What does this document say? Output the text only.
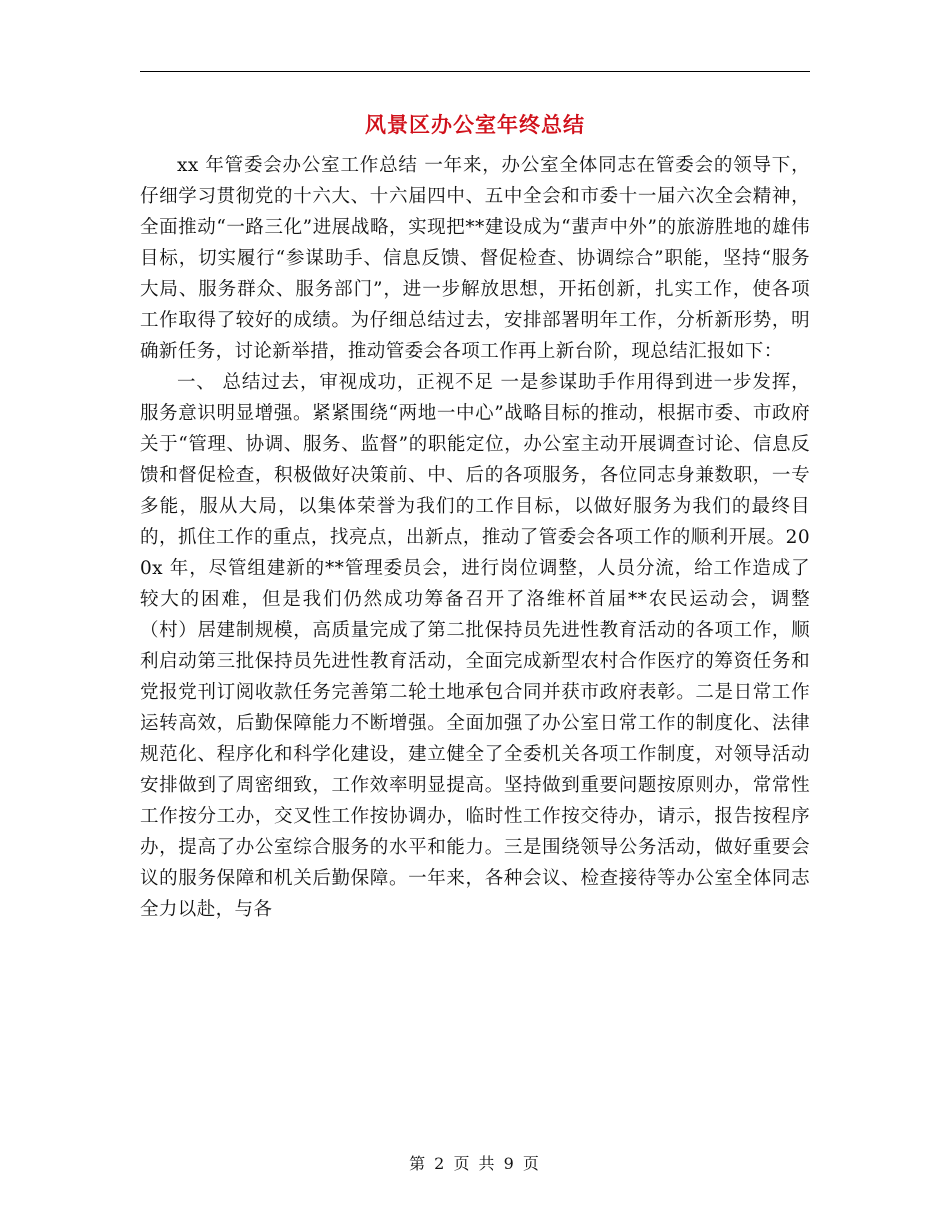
风景区办公室年终总结

xx 年管委会办公室工作总结 一年来，办公室全体同志在管委会的领导下，仔细学习贯彻党的十六大、十六届四中、五中全会和市委十一届六次全会精神，全面推动“一路三化”进展战略，实现把**建设成为“蜚声中外”的旅游胜地的雄伟目标，切实履行“参谋助手、信息反馈、督促检查、协调综合”职能，坚持“服务大局、服务群众、服务部门”，进一步解放思想，开拓创新，扎实工作，使各项工作取得了较好的成绩。为仔细总结过去，安排部署明年工作，分析新形势，明确新任务，讨论新举措，推动管委会各项工作再上新台阶，现总结汇报如下：

一、 总结过去，审视成功，正视不足 一是参谋助手作用得到进一步发挥，服务意识明显增强。紧紧围绕“两地一中心”战略目标的推动，根据市委、市政府关于“管理、协调、服务、监督”的职能定位，办公室主动开展调查讨论、信息反馈和督促检查，积极做好决策前、中、后的各项服务，各位同志身兼数职，一专多能，服从大局，以集体荣誉为我们的工作目标，以做好服务为我们的最终目的，抓住工作的重点，找亮点，出新点，推动了管委会各项工作的顺利开展。200x 年，尽管组建新的**管理委员会，进行岗位调整，人员分流，给工作造成了较大的困难，但是我们仍然成功筹备召开了洛维杯首届**农民运动会，调整（村）居建制规模，高质量完成了第二批保持员先进性教育活动的各项工作，顺利启动第三批保持员先进性教育活动，全面完成新型农村合作医疗的筹资任务和党报党刊订阅收款任务完善第二轮土地承包合同并获市政府表彰。二是日常工作运转高效，后勤保障能力不断增强。全面加强了办公室日常工作的制度化、法律规范化、程序化和科学化建设，建立健全了全委机关各项工作制度，对领导活动安排做到了周密细致，工作效率明显提高。坚持做到重要问题按原则办，常常性工作按分工办，交叉性工作按协调办，临时性工作按交待办，请示，报告按程序办，提高了办公室综合服务的水平和能力。三是围绕领导公务活动，做好重要会议的服务保障和机关后勤保障。一年来，各种会议、检查接待等办公室全体同志全力以赴，与各

第 2 页 共 9 页
